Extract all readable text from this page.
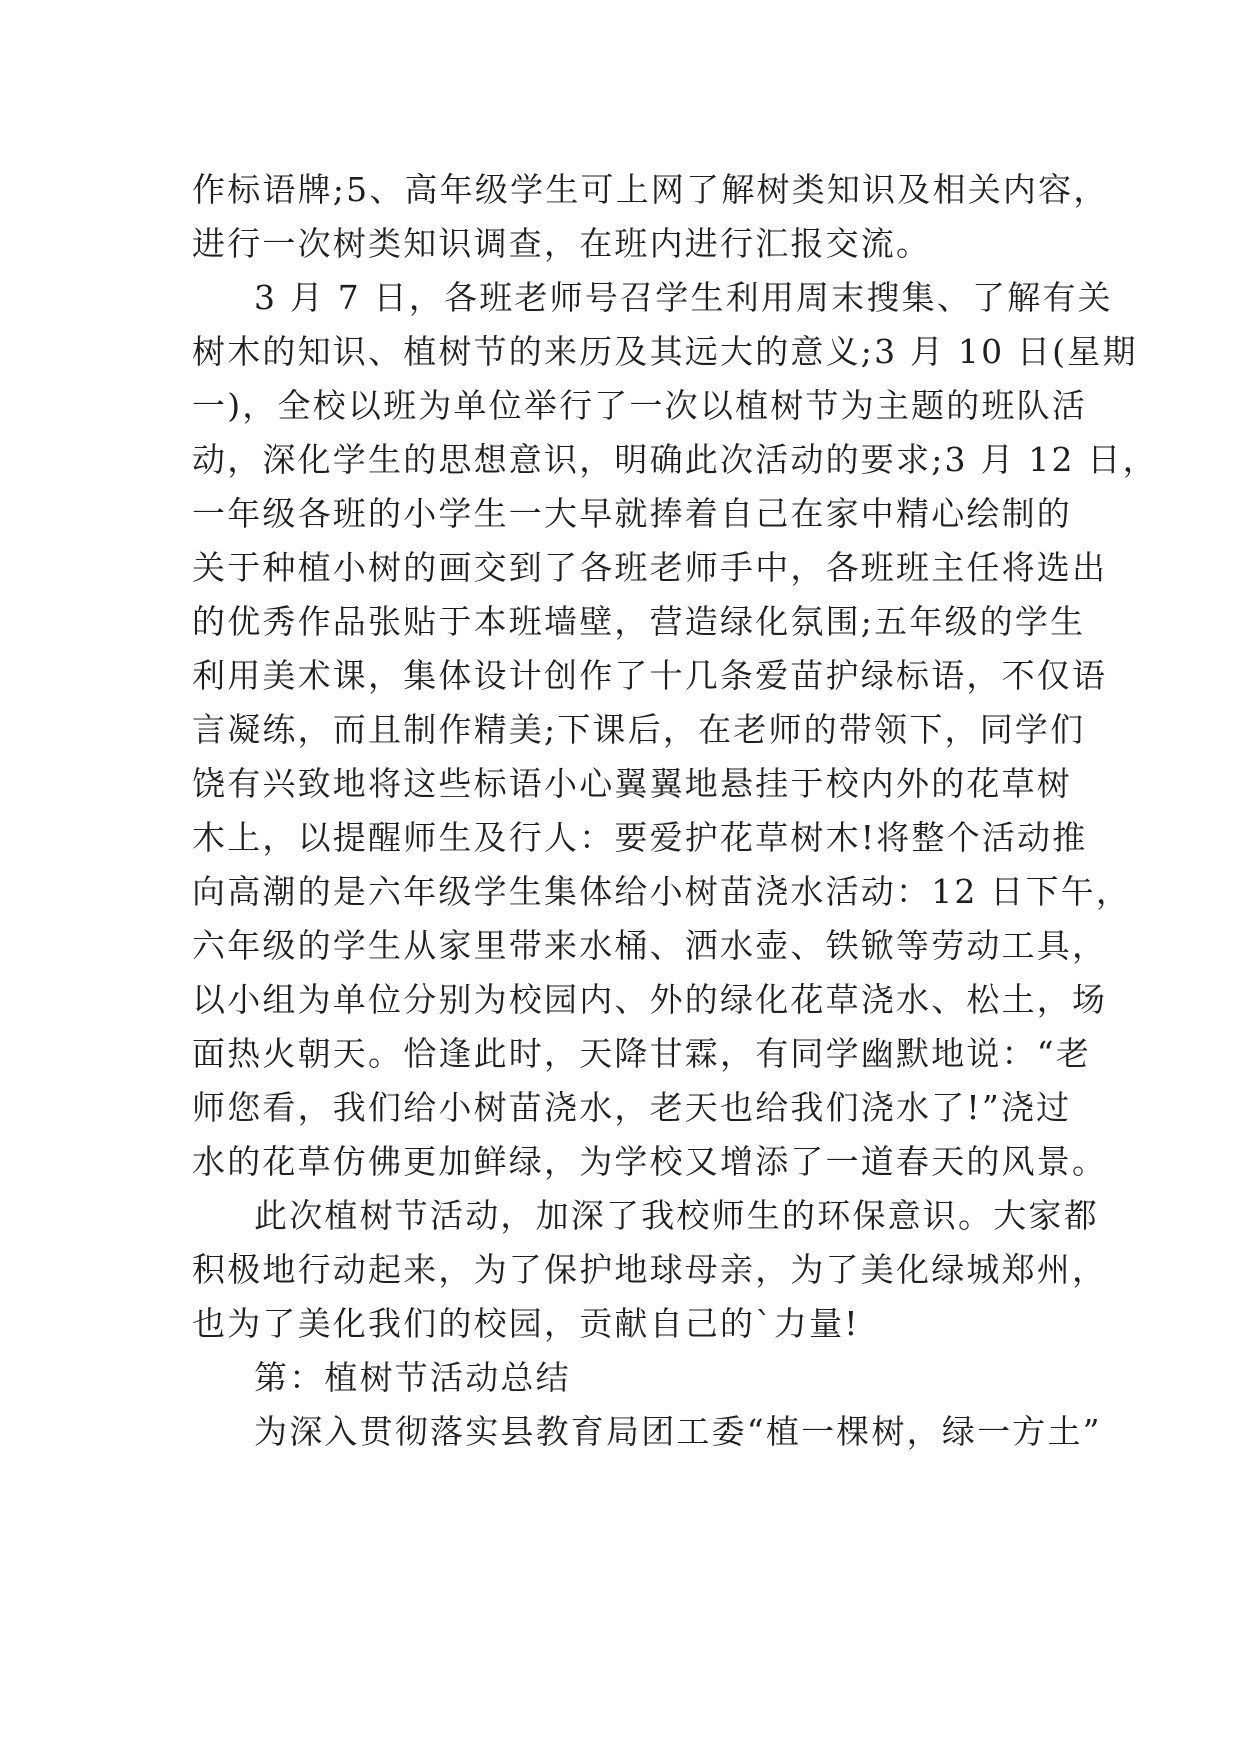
作标语牌;5、高年级学生可上网了解树类知识及相关内容，
进行一次树类知识调查，在班内进行汇报交流。
3 月 7 日，各班老师号召学生利用周末搜集、了解有关
树木的知识、植树节的来历及其远大的意义;3 月 10 日(星期
一)，全校以班为单位举行了一次以植树节为主题的班队活
动，深化学生的思想意识，明确此次活动的要求;3 月 12 日，
一年级各班的小学生一大早就捧着自己在家中精心绘制的
关于种植小树的画交到了各班老师手中，各班班主任将选出
的优秀作品张贴于本班墙壁，营造绿化氛围;五年级的学生
利用美术课，集体设计创作了十几条爱苗护绿标语，不仅语
言凝练，而且制作精美;下课后，在老师的带领下，同学们
饶有兴致地将这些标语小心翼翼地悬挂于校内外的花草树
木上，以提醒师生及行人：要爱护花草树木!将整个活动推
向高潮的是六年级学生集体给小树苗浇水活动：12 日下午，
六年级的学生从家里带来水桶、洒水壶、铁锨等劳动工具，
以小组为单位分别为校园内、外的绿化花草浇水、松土，场
面热火朝天。恰逢此时，天降甘霖，有同学幽默地说：“老
师您看，我们给小树苗浇水，老天也给我们浇水了!”浇过
水的花草仿佛更加鲜绿，为学校又增添了一道春天的风景。
此次植树节活动，加深了我校师生的环保意识。大家都
积极地行动起来，为了保护地球母亲，为了美化绿城郑州，
也为了美化我们的校园，贡献自己的`力量!
第：植树节活动总结
为深入贯彻落实县教育局团工委“植一棵树，绿一方土”
